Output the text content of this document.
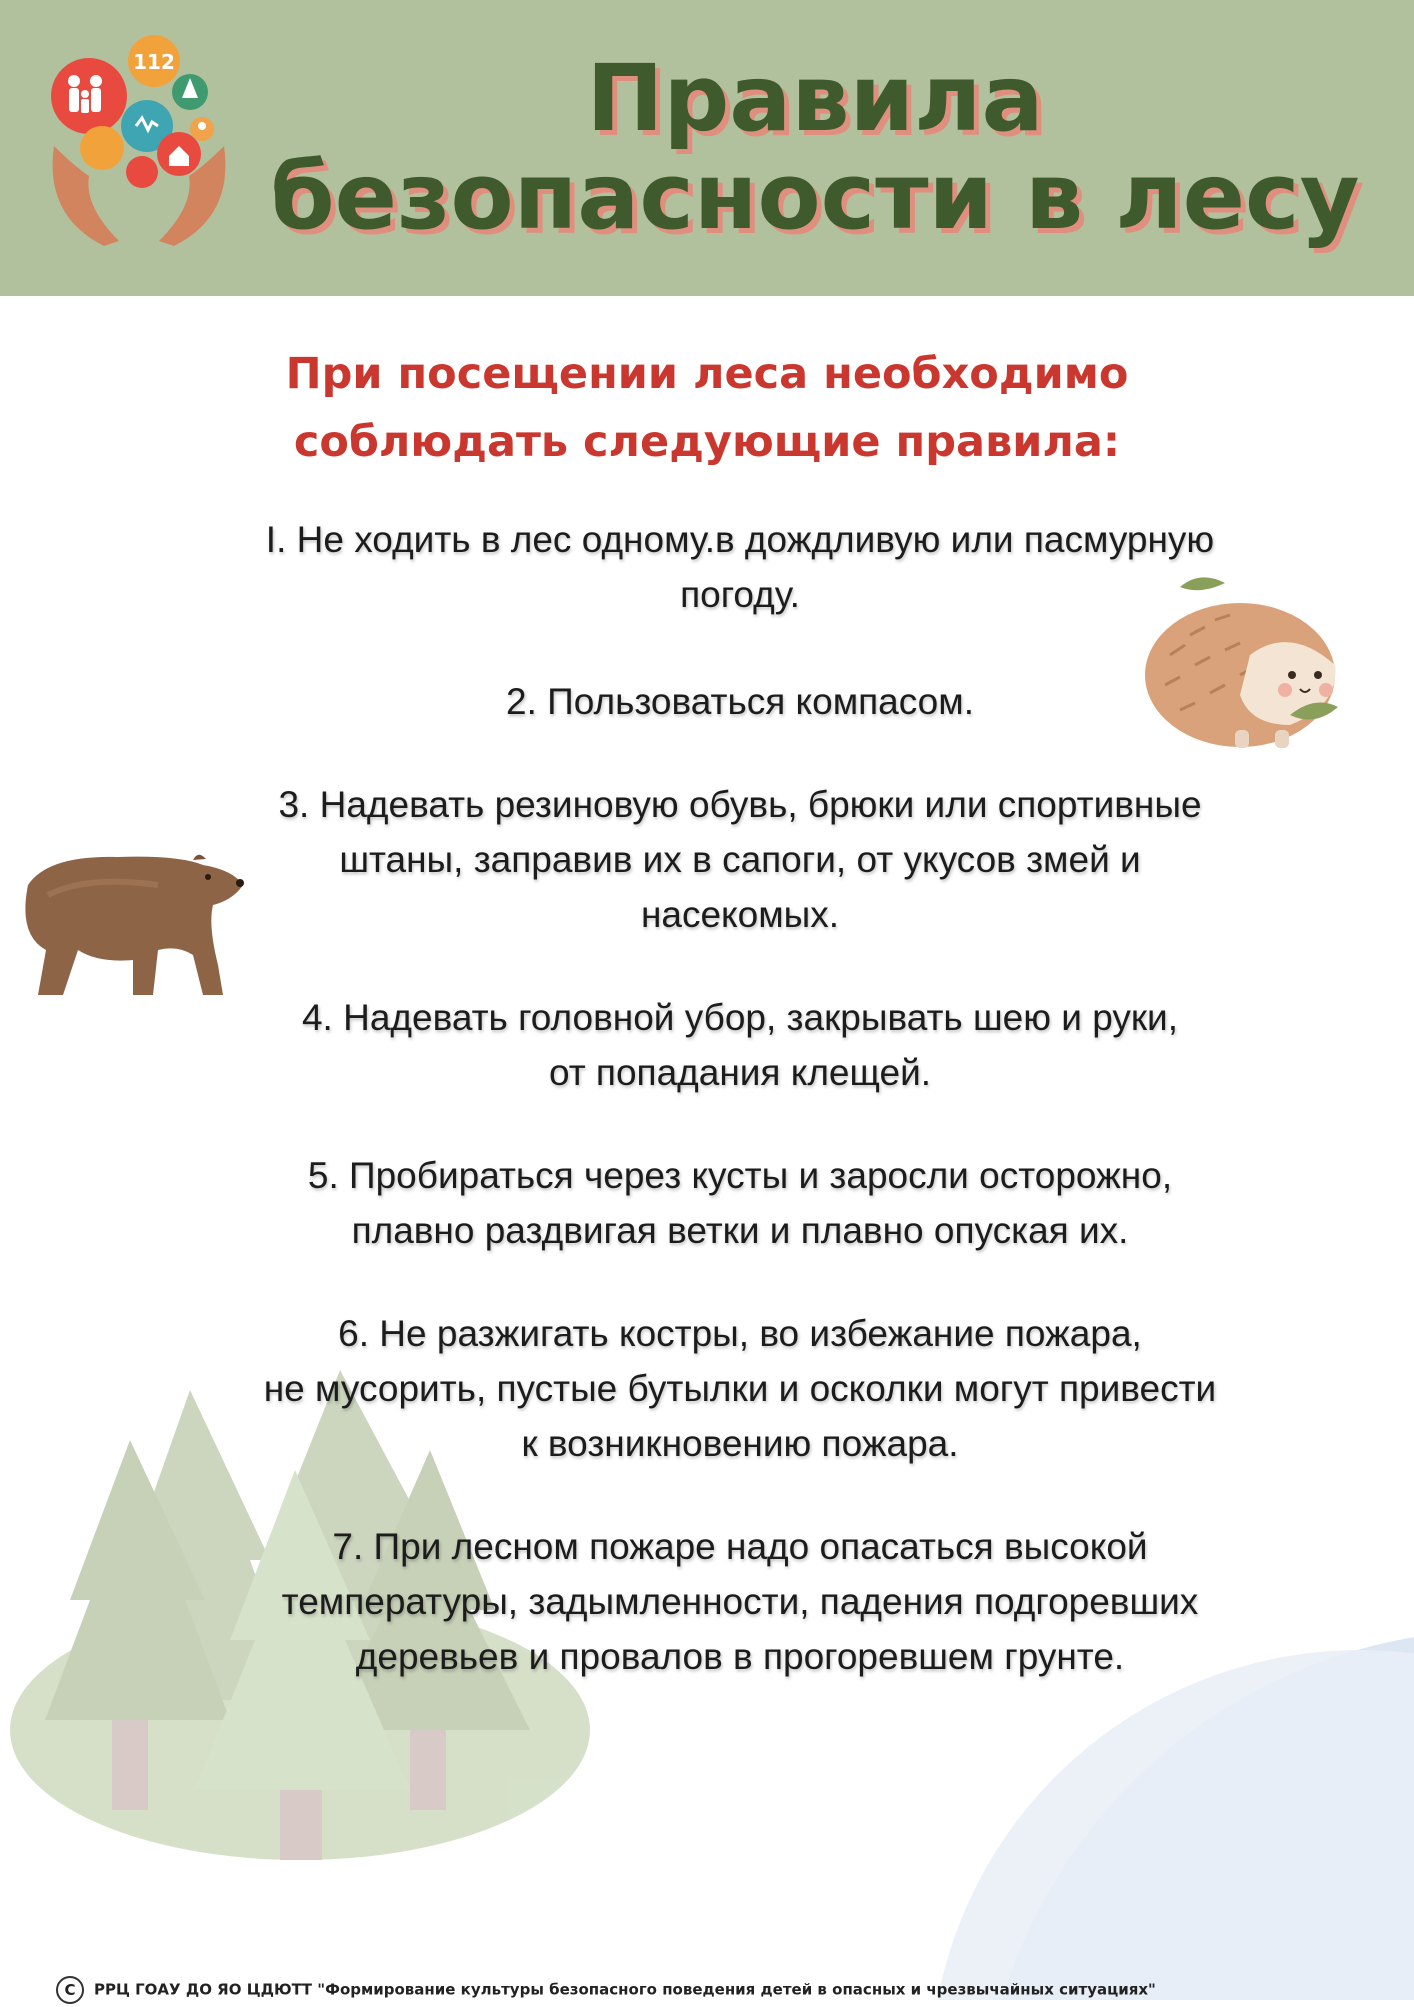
112	Правила
безопасности в лесу
При посещении леса необходимо
соблюдать следующие правила:
I. Не ходить в лес одному.в дождливую или пасмурную
погоду.
2. Пользоваться компасом.
3. Надевать резиновую обувь, брюки или спортивные
штаны, заправив их в сапоги, от укусов змей и
насекомых.
4. Надевать головной убор, закрывать шею и руки,
от попадания клещей.
5. Пробираться через кусты и заросли осторожно,
плавно раздвигая ветки и плавно опуская их.
6. Не разжигать костры, во избежание пожара,
не мусорить, пустые бутылки и осколки могут привести
к возникновению пожара.
7. При лесном пожаре надо опасаться высокой
температуры, задымленности, падения подгоревших
деревьев и провалов в прогоревшем грунте.
С РРЦ ГОАУ ДО ЯО ЦДЮТТ "Формирование культуры безопасного поведения детей в опасных и чрезвычайных ситуациях"
